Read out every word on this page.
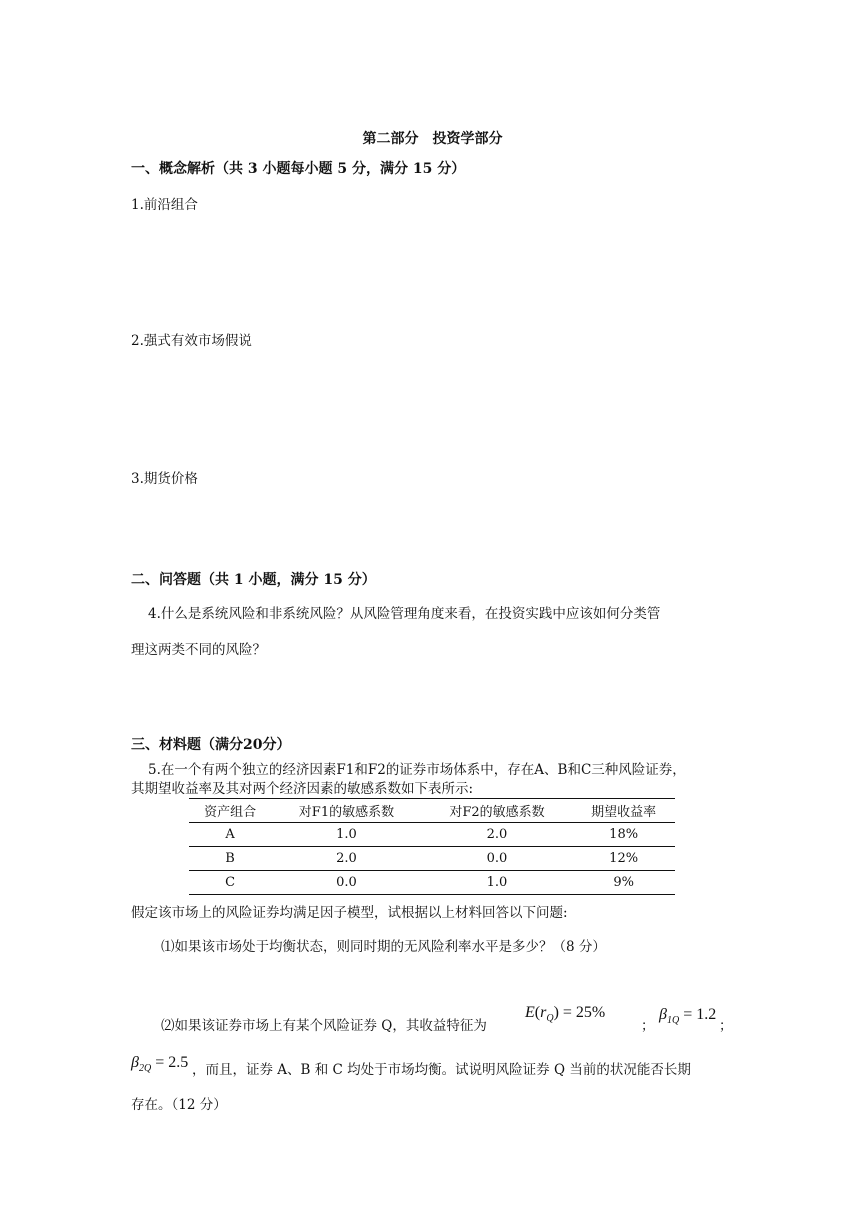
第二部分　投资学部分
一、概念解析（共 3 小题每小题 5 分，满分 15 分）
1.前沿组合
2.强式有效市场假说
3.期货价格
二、问答题（共 1 小题，满分 15 分）
4.什么是系统风险和非系统风险？从风险管理角度来看，在投资实践中应该如何分类管
理这两类不同的风险？
三、材料题（满分20分）
5.在一个有两个独立的经济因素F1和F2的证券市场体系中，存在A、B和C三种风险证券，
其期望收益率及其对两个经济因素的敏感系数如下表所示:
资产组合	对F1的敏感系数	对F2的敏感系数	期望收益率
A	1.0	2.0	18%
B	2.0	0.0	12%
C	0.0	1.0	9%
假定该市场上的风险证券均满足因子模型，试根据以上材料回答以下问题:
⑴如果该市场处于均衡状态，则同时期的无风险利率水平是多少？（8 分）
⑵如果该证券市场上有某个风险证券 Q，其收益特征为
$E(r_Q) = 25\%$
；
$\beta_{1Q} = 1.2$
；
$\beta_{2Q} = 2.5$ ，而且，证券 A、B 和 C 均处于市场均衡。试说明风险证券 Q 当前的状况能否长期
存在。（12 分）
